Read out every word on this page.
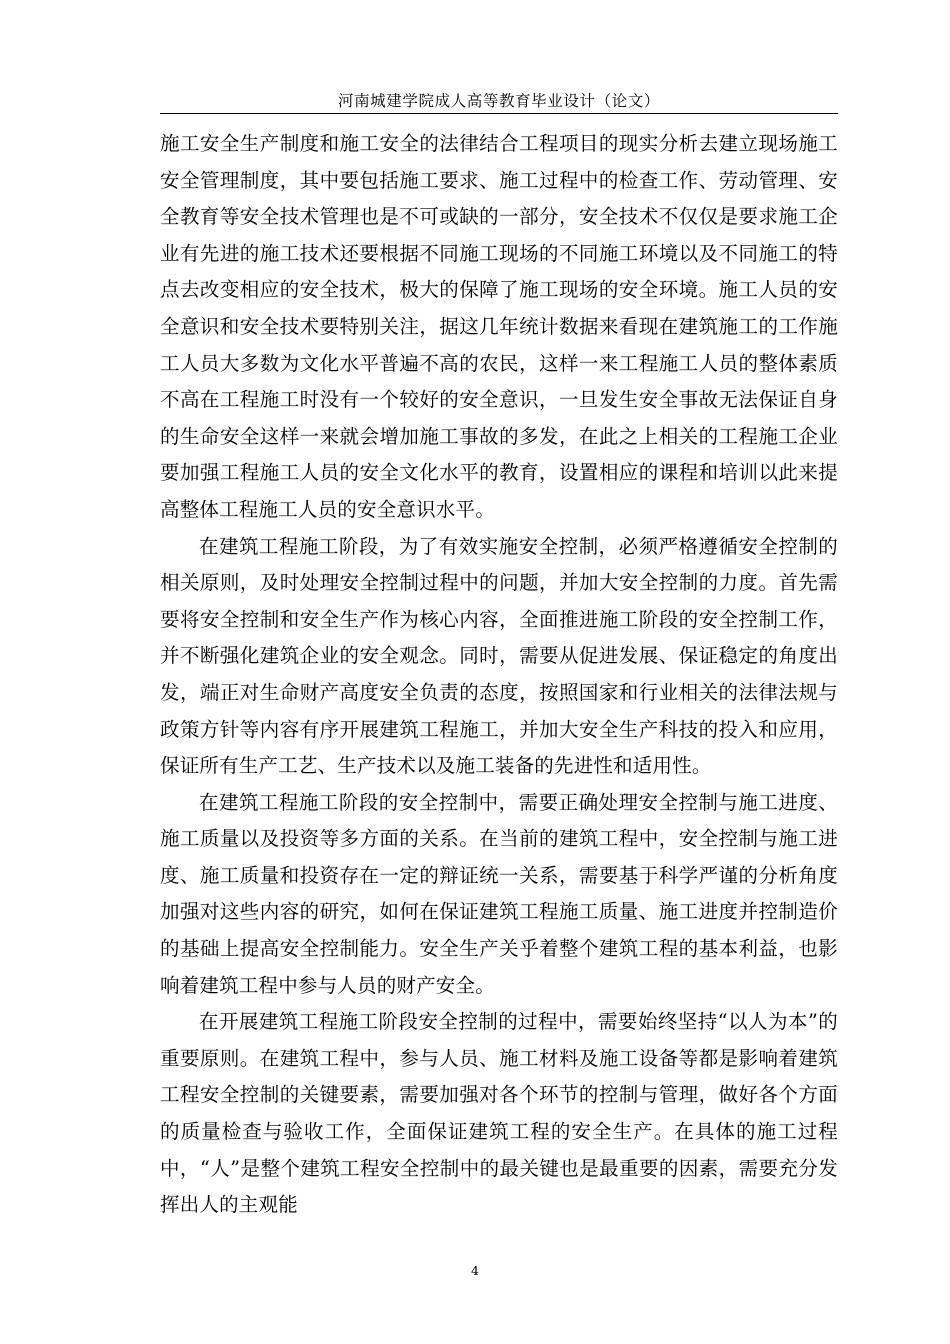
河南城建学院成人高等教育毕业设计（论文）

施工安全生产制度和施工安全的法律结合工程项目的现实分析去建立现场施工安全管理制度，其中要包括施工要求、施工过程中的检查工作、劳动管理、安全教育等安全技术管理也是不可或缺的一部分，安全技术不仅仅是要求施工企业有先进的施工技术还要根据不同施工现场的不同施工环境以及不同施工的特点去改变相应的安全技术，极大的保障了施工现场的安全环境。施工人员的安全意识和安全技术要特别关注，据这几年统计数据来看现在建筑施工的工作施工人员大多数为文化水平普遍不高的农民，这样一来工程施工人员的整体素质不高在工程施工时没有一个较好的安全意识，一旦发生安全事故无法保证自身的生命安全这样一来就会增加施工事故的多发，在此之上相关的工程施工企业要加强工程施工人员的安全文化水平的教育，设置相应的课程和培训以此来提高整体工程施工人员的安全意识水平。

在建筑工程施工阶段，为了有效实施安全控制，必须严格遵循安全控制的相关原则，及时处理安全控制过程中的问题，并加大安全控制的力度。首先需要将安全控制和安全生产作为核心内容，全面推进施工阶段的安全控制工作，并不断强化建筑企业的安全观念。同时，需要从促进发展、保证稳定的角度出发，端正对生命财产高度安全负责的态度，按照国家和行业相关的法律法规与政策方针等内容有序开展建筑工程施工，并加大安全生产科技的投入和应用，保证所有生产工艺、生产技术以及施工装备的先进性和适用性。

在建筑工程施工阶段的安全控制中，需要正确处理安全控制与施工进度、施工质量以及投资等多方面的关系。在当前的建筑工程中，安全控制与施工进度、施工质量和投资存在一定的辩证统一关系，需要基于科学严谨的分析角度加强对这些内容的研究，如何在保证建筑工程施工质量、施工进度并控制造价的基础上提高安全控制能力。安全生产关乎着整个建筑工程的基本利益，也影响着建筑工程中参与人员的财产安全。

在开展建筑工程施工阶段安全控制的过程中，需要始终坚持“以人为本”的重要原则。在建筑工程中，参与人员、施工材料及施工设备等都是影响着建筑工程安全控制的关键要素，需要加强对各个环节的控制与管理，做好各个方面的质量检查与验收工作，全面保证建筑工程的安全生产。在具体的施工过程中，“人”是整个建筑工程安全控制中的最关键也是最重要的因素，需要充分发挥出人的主观能

4
